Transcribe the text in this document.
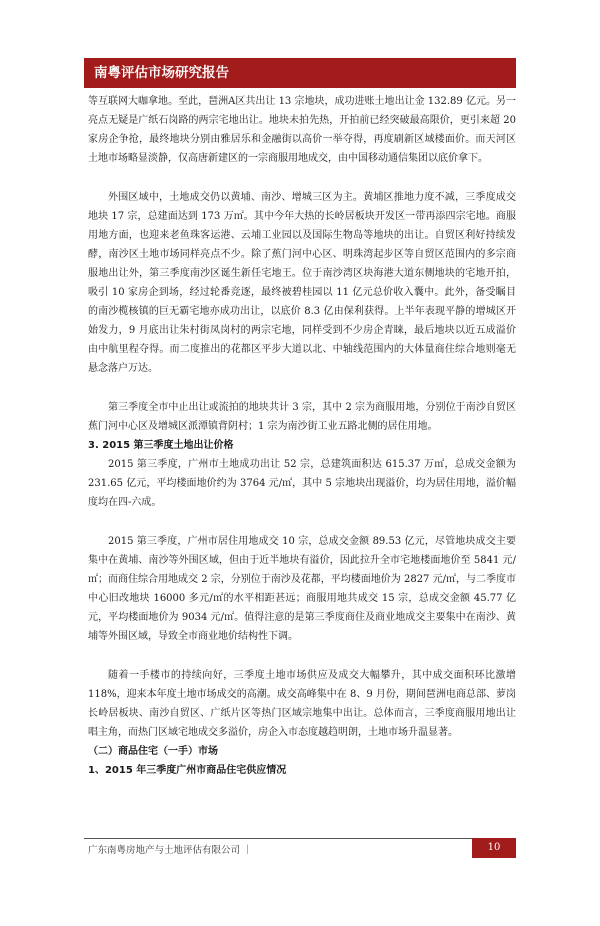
南粤评估市场研究报告

等互联网大咖拿地。至此，琶洲A区共出让 13 宗地块，成功进账土地出让金 132.89 亿元。另一亮点无疑是广纸石岗路的两宗宅地出让。地块未拍先热，开拍前已经突破最高限价，更引来超 20 家房企争抢，最终地块分别由雅居乐和金融街以高价一举夺得，再度刷新区域楼面价。而天河区土地市场略显淡静，仅高唐新建区的一宗商服用地成交，由中国移动通信集团以底价拿下。

外围区域中，土地成交仍以黄埔、南沙、增城三区为主。黄埔区推地力度不减，三季度成交地块 17 宗，总建面达到 173 万㎡。其中今年大热的长岭居板块开发区一带再添四宗宅地。商服用地方面，也迎来老鱼珠客运港、云埔工业园以及国际生物岛等地块的出让。自贸区利好持续发酵，南沙区土地市场同样亮点不少。除了蕉门河中心区、明珠湾起步区等自贸区范围内的多宗商服地出让外，第三季度南沙区诞生新任宅地王。位于南沙湾区块海港大道东侧地块的宅地开拍，吸引 10 家房企到场，经过轮番竞逐，最终被碧桂园以 11 亿元总价收入囊中。此外，备受瞩目的南沙榄核镇的巨无霸宅地亦成功出让，以底价 8.3 亿由保利获得。上半年表现平静的增城区开始发力，9 月底出让朱村街凤岗村的两宗宅地，同样受到不少房企青睐，最后地块以近五成溢价由中航里程夺得。而二度推出的花都区平步大道以北、中轴线范围内的大体量商住综合地则毫无悬念落户万达。

第三季度全市中止出让或流拍的地块共计 3 宗，其中 2 宗为商服用地，分别位于南沙自贸区蕉门河中心区及增城区派潭镇背阴村；1 宗为南沙街工业五路北侧的居住用地。

3. 2015 第三季度土地出让价格

2015 第三季度，广州市土地成功出让 52 宗，总建筑面积达 615.37 万㎡，总成交金额为 231.65 亿元，平均楼面地价约为 3764 元/㎡，其中 5 宗地块出现溢价，均为居住用地，溢价幅度均在四-六成。

2015 第三季度，广州市居住用地成交 10 宗，总成交金额 89.53 亿元，尽管地块成交主要集中在黄埔、南沙等外围区域，但由于近半地块有溢价，因此拉升全市宅地楼面地价至 5841 元/㎡；而商住综合用地成交 2 宗，分别位于南沙及花都，平均楼面地价为 2827 元/㎡，与二季度市中心旧改地块 16000 多元/㎡的水平相距甚远；商服用地共成交 15 宗，总成交金额 45.77 亿元，平均楼面地价为 9034 元/㎡。值得注意的是第三季度商住及商业地成交主要集中在南沙、黄埔等外围区域，导致全市商业地价结构性下调。

随着一手楼市的持续向好，三季度土地市场供应及成交大幅攀升，其中成交面积环比激增 118%，迎来本年度土地市场成交的高潮。成交高峰集中在 8、9 月份，期间琶洲电商总部、萝岗长岭居板块、南沙自贸区、广纸片区等热门区域宗地集中出让。总体而言，三季度商服用地出让唱主角，而热门区域宅地成交多溢价，房企入市态度越趋明朗，土地市场升温显著。

（二）商品住宅（一手）市场

1、2015 年三季度广州市商品住宅供应情况

广东南粤房地产与土地评估有限公司 ｜	10
